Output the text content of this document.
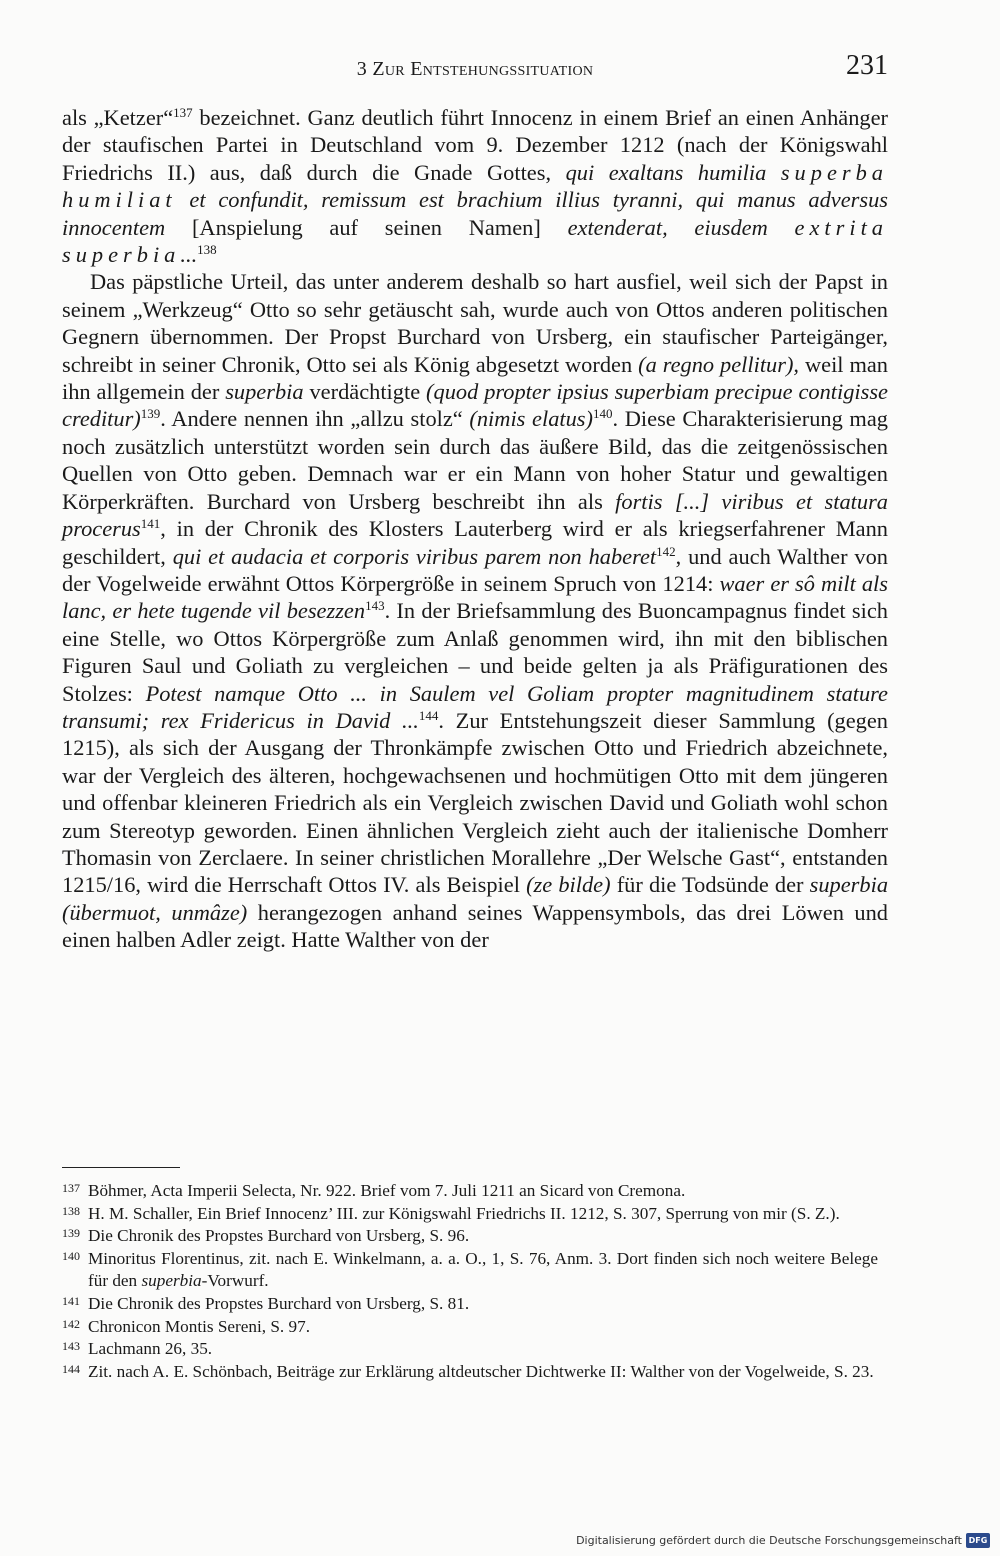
3 Zur Entstehungssituation	231

als „Ketzer“$^{137}$ bezeichnet. Ganz deutlich führt Innocenz in einem Brief an einen Anhänger der staufischen Partei in Deutschland vom 9. Dezember 1212 (nach der Königswahl Friedrichs II.) aus, daß durch die Gnade Gottes, qui exaltans humilia superba humiliat et confundit, remissum est brachium illius tyranni, qui manus adversus innocentem [Anspielung auf seinen Namen] extenderat, eiusdem extrita superbia...$^{138}$

Das päpstliche Urteil, das unter anderem deshalb so hart ausfiel, weil sich der Papst in seinem „Werkzeug“ Otto so sehr getäuscht sah, wurde auch von Ottos anderen politischen Gegnern übernommen. Der Propst Burchard von Ursberg, ein staufischer Parteigänger, schreibt in seiner Chronik, Otto sei als König abgesetzt worden (a regno pellitur), weil man ihn allgemein der superbia verdächtigte (quod propter ipsius superbiam precipue contigisse creditur)$^{139}$. Andere nennen ihn „allzu stolz“ (nimis elatus)$^{140}$. Diese Charakterisierung mag noch zusätzlich unterstützt worden sein durch das äußere Bild, das die zeitgenössischen Quellen von Otto geben. Demnach war er ein Mann von hoher Statur und gewaltigen Körperkräften. Burchard von Ursberg beschreibt ihn als fortis [...] viribus et statura procerus$^{141}$, in der Chronik des Klosters Lauterberg wird er als kriegserfahrener Mann geschildert, qui et audacia et corporis viribus parem non haberet$^{142}$, und auch Walther von der Vogelweide erwähnt Ottos Körpergröße in seinem Spruch von 1214: waer er sô milt als lanc, er hete tugende vil besezzen$^{143}$. In der Briefsammlung des Buoncampagnus findet sich eine Stelle, wo Ottos Körpergröße zum Anlaß genommen wird, ihn mit den biblischen Figuren Saul und Goliath zu vergleichen – und beide gelten ja als Präfigurationen des Stolzes: Potest namque Otto ... in Saulem vel Goliam propter magnitudinem stature transumi; rex Fridericus in David ...$^{144}$. Zur Entstehungszeit dieser Sammlung (gegen 1215), als sich der Ausgang der Thronkämpfe zwischen Otto und Friedrich abzeichnete, war der Vergleich des älteren, hochgewachsenen und hochmütigen Otto mit dem jüngeren und offenbar kleineren Friedrich als ein Vergleich zwischen David und Goliath wohl schon zum Stereotyp geworden. Einen ähnlichen Vergleich zieht auch der italienische Domherr Thomasin von Zerclaere. In seiner christlichen Morallehre „Der Welsche Gast“, entstanden 1215/16, wird die Herrschaft Ottos IV. als Beispiel (ze bilde) für die Todsünde der superbia (übermuot, unmâze) herangezogen anhand seines Wappensymbols, das drei Löwen und einen halben Adler zeigt. Hatte Walther von der

137 Böhmer, Acta Imperii Selecta, Nr. 922. Brief vom 7. Juli 1211 an Sicard von Cremona.
138 H. M. Schaller, Ein Brief Innocenz’ III. zur Königswahl Friedrichs II. 1212, S. 307, Sperrung von mir (S. Z.).
139 Die Chronik des Propstes Burchard von Ursberg, S. 96.
140 Minoritus Florentinus, zit. nach E. Winkelmann, a. a. O., 1, S. 76, Anm. 3. Dort finden sich noch weitere Belege für den superbia-Vorwurf.
141 Die Chronik des Propstes Burchard von Ursberg, S. 81.
142 Chronicon Montis Sereni, S. 97.
143 Lachmann 26, 35.
144 Zit. nach A. E. Schönbach, Beiträge zur Erklärung altdeutscher Dichtwerke II: Walther von der Vogelweide, S. 23.
Digitalisierung gefördert durch die Deutsche Forschungsgemeinschaft DFG
